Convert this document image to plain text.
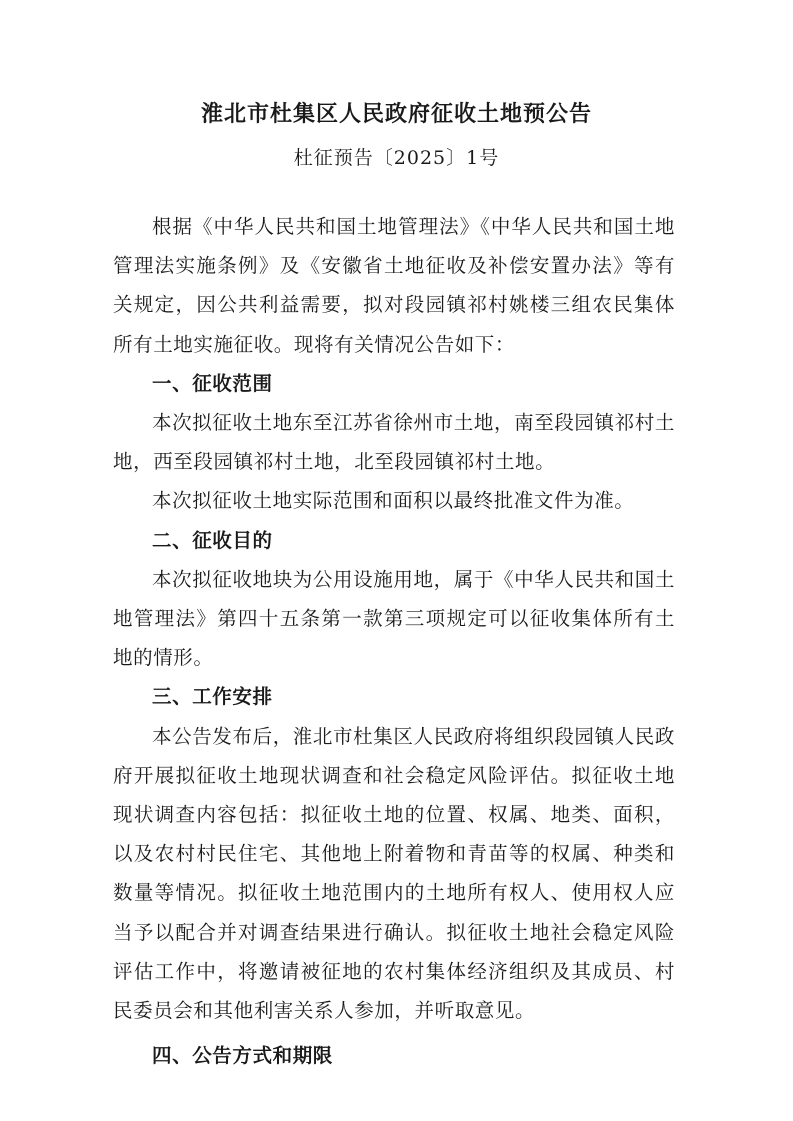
淮北市杜集区人民政府征收土地预公告
杜征预告〔2025〕1号

根据《中华人民共和国土地管理法》《中华人民共和国土地管理法实施条例》及《安徽省土地征收及补偿安置办法》等有关规定，因公共利益需要，拟对段园镇祁村姚楼三组农民集体所有土地实施征收。现将有关情况公告如下：

一、征收范围

本次拟征收土地东至江苏省徐州市土地，南至段园镇祁村土地，西至段园镇祁村土地，北至段园镇祁村土地。

本次拟征收土地实际范围和面积以最终批准文件为准。

二、征收目的

本次拟征收地块为公用设施用地，属于《中华人民共和国土地管理法》第四十五条第一款第三项规定可以征收集体所有土地的情形。

三、工作安排

本公告发布后，淮北市杜集区人民政府将组织段园镇人民政府开展拟征收土地现状调查和社会稳定风险评估。拟征收土地现状调查内容包括：拟征收土地的位置、权属、地类、面积，以及农村村民住宅、其他地上附着物和青苗等的权属、种类和数量等情况。拟征收土地范围内的土地所有权人、使用权人应当予以配合并对调查结果进行确认。拟征收土地社会稳定风险评估工作中，将邀请被征地的农村集体经济组织及其成员、村民委员会和其他利害关系人参加，并听取意见。

四、公告方式和期限
